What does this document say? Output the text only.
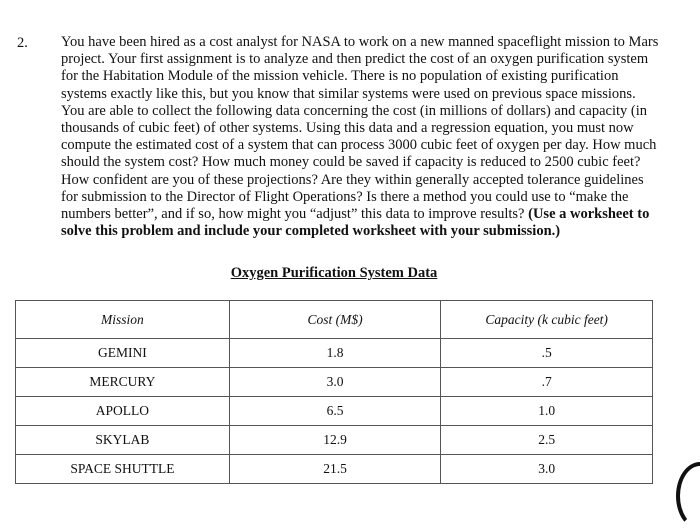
2. You have been hired as a cost analyst for NASA to work on a new manned spaceflight mission to Mars project. Your first assignment is to analyze and then predict the cost of an oxygen purification system for the Habitation Module of the mission vehicle. There is no population of existing purification systems exactly like this, but you know that similar systems were used on previous space missions. You are able to collect the following data concerning the cost (in millions of dollars) and capacity (in thousands of cubic feet) of other systems. Using this data and a regression equation, you must now compute the estimated cost of a system that can process 3000 cubic feet of oxygen per day. How much should the system cost? How much money could be saved if capacity is reduced to 2500 cubic feet? How confident are you of these projections? Are they within generally accepted tolerance guidelines for submission to the Director of Flight Operations? Is there a method you could use to “make the numbers better”, and if so, how might you “adjust” this data to improve results? (Use a worksheet to solve this problem and include your completed worksheet with your submission.)
Oxygen Purification System Data
Mission	Cost (M$)	Capacity (k cubic feet)
GEMINI	1.8	.5
MERCURY	3.0	.7
APOLLO	6.5	1.0
SKYLAB	12.9	2.5
SPACE SHUTTLE	21.5	3.0
